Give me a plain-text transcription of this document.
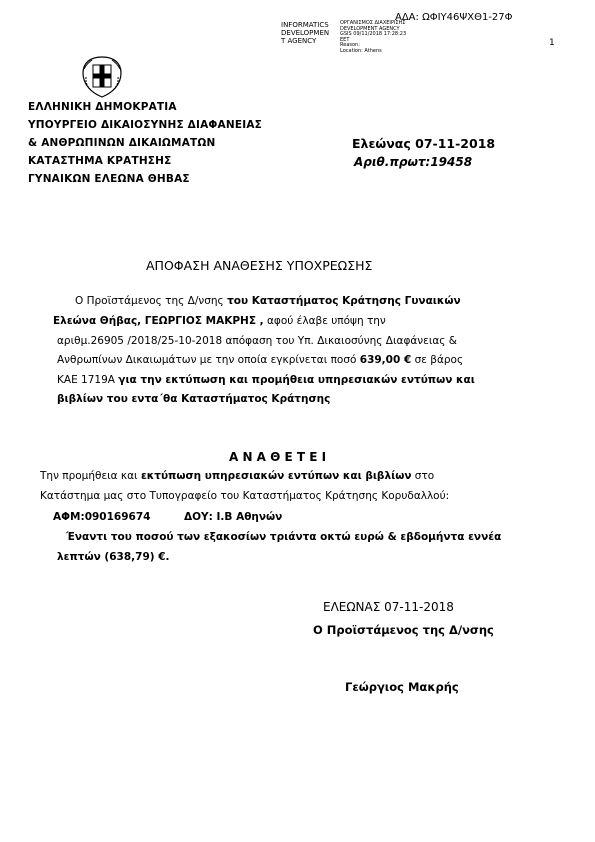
ΑΔΑ: ΩΦΙΥ46ΨΧΘ1-27Φ
1
INFORMATICS
DEVELOPMEN
T AGENCY
ΟΡΓΑΝΙΣΜΟΣ ΔΙΑΧΕΙΡΙΣΗΣ
DEVELOPMENT AGENCY
GSIS 09/11/2018 17:28:23
EET
Reason:
Location: Athens
ΕΛΛΗΝΙΚΗ ΔΗΜΟΚΡΑΤΙΑ
ΥΠΟΥΡΓΕΙΟ ΔΙΚΑΙΟΣΥΝΗΣ ΔΙΑΦΑΝΕΙΑΣ
& ΑΝΘΡΩΠΙΝΩΝ ΔΙΚΑΙΩΜΑΤΩΝ
ΚΑΤΑΣΤΗΜΑ ΚΡΑΤΗΣΗΣ
ΓΥΝΑΙΚΩΝ ΕΛΕΩΝΑ ΘΗΒΑΣ
Ελεώνας 07-11-2018
Αριθ.πρωτ:19458
ΑΠΟΦΑΣΗ ΑΝΑΘΕΣΗΣ ΥΠΟΧΡΕΩΣΗΣ
Ο Προϊστάμενος της Δ/νσης του Καταστήματος Κράτησης Γυναικών
Ελεώνα Θήβας, ΓΕΩΡΓΙΟΣ ΜΑΚΡΗΣ , αφού έλαβε υπόψη την
αριθμ.26905 /2018/25-10-2018 απόφαση του Υπ. Δικαιοσύνης Διαφάνειας &
Ανθρωπίνων Δικαιωμάτων με την οποία εγκρίνεται ποσό 639,00 € σε βάρος
ΚΑΕ 1719Α για την εκτύπωση και προμήθεια υπηρεσιακών εντύπων και
βιβλίων του εντα΄θα Καταστήματος Κράτησης
Α Ν Α Θ Ε Τ Ε Ι
Την προμήθεια και εκτύπωση υπηρεσιακών εντύπων και βιβλίων στο
Κατάστημα μας στο Τυπογραφείο του Καταστήματος Κράτησης Κορυδαλλού:
ΑΦΜ:090169674	ΔΟΥ: Ι.Β Αθηνών
Έναντι του ποσού των εξακοσίων τριάντα οκτώ ευρώ & εβδομήντα εννέα
λεπτών (638,79) €.
ΕΛΕΩΝΑΣ 07-11-2018
Ο Προϊστάμενος της Δ/νσης
Γεώργιος Μακρής
